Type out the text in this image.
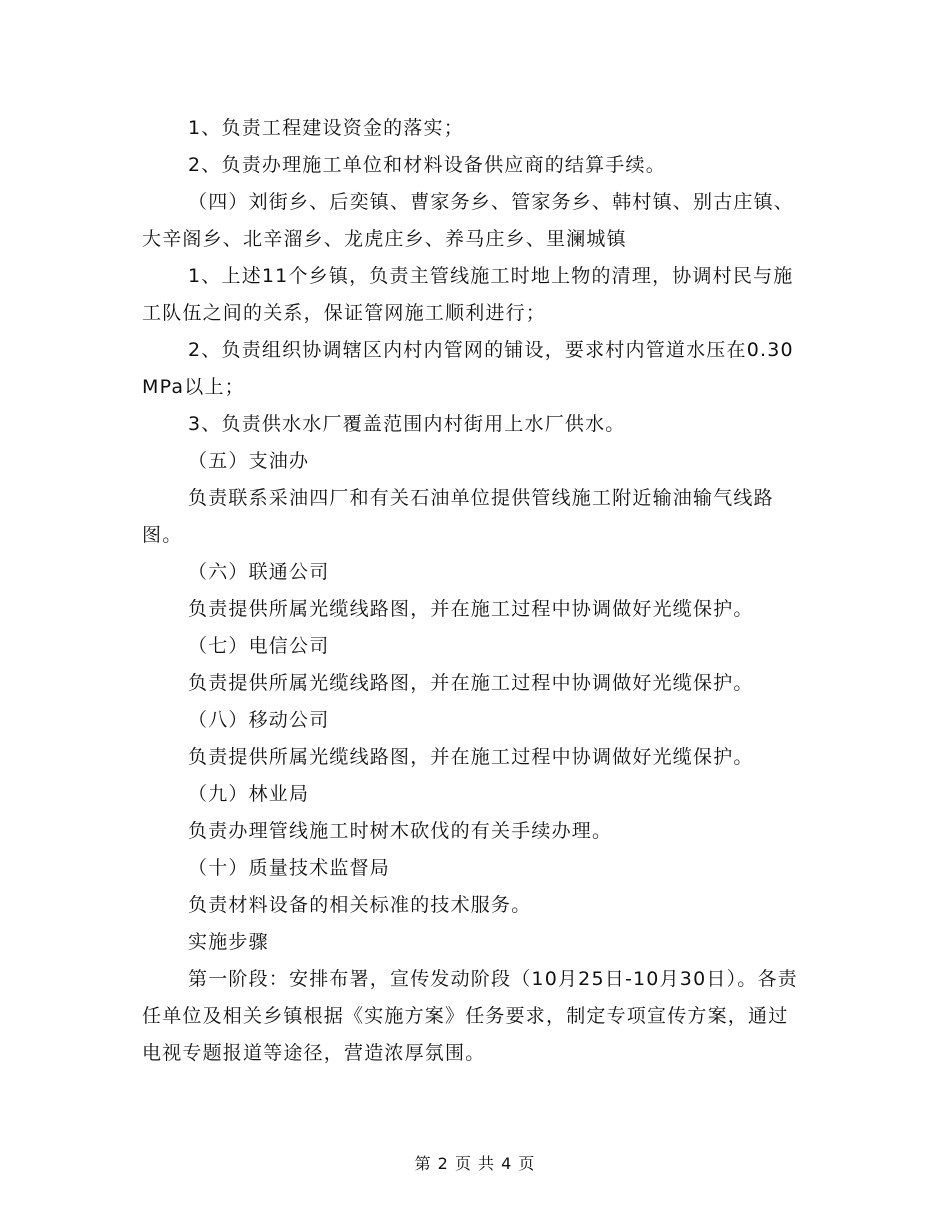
1、负责工程建设资金的落实；

2、负责办理施工单位和材料设备供应商的结算手续。

（四）刘街乡、后奕镇、曹家务乡、管家务乡、韩村镇、别古庄镇、大辛阁乡、北辛溜乡、龙虎庄乡、养马庄乡、里澜城镇

1、上述11个乡镇，负责主管线施工时地上物的清理，协调村民与施工队伍之间的关系，保证管网施工顺利进行；

2、负责组织协调辖区内村内管网的铺设，要求村内管道水压在0.30MPa以上；

3、负责供水水厂覆盖范围内村街用上水厂供水。

（五）支油办

负责联系采油四厂和有关石油单位提供管线施工附近输油输气线路图。

（六）联通公司

负责提供所属光缆线路图，并在施工过程中协调做好光缆保护。

（七）电信公司

负责提供所属光缆线路图，并在施工过程中协调做好光缆保护。

（八）移动公司

负责提供所属光缆线路图，并在施工过程中协调做好光缆保护。

（九）林业局

负责办理管线施工时树木砍伐的有关手续办理。

（十）质量技术监督局

负责材料设备的相关标准的技术服务。

实施步骤

第一阶段：安排布署，宣传发动阶段（10月25日-10月30日）。各责任单位及相关乡镇根据《实施方案》任务要求，制定专项宣传方案，通过电视专题报道等途径，营造浓厚氛围。

第 2 页 共 4 页
